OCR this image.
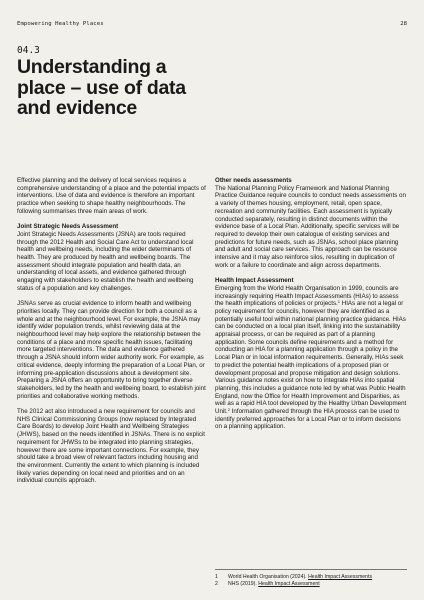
Empowering Healthy Places	28
04.3
Understanding a place – use of data and evidence

Effective planning and the delivery of local services requires a comprehensive understanding of a place and the potential impacts of interventions. Use of data and evidence is therefore an important practice when seeking to shape healthy neighbourhoods. The following summarises three main areas of work.

Joint Strategic Needs Assessment

Joint Strategic Needs Assessments (JSNA) are tools required through the 2012 Health and Social Care Act to understand local health and wellbeing needs, including the wider determinants of health. They are produced by health and wellbeing boards. The assessment should integrate population and health data, an understanding of local assets, and evidence gathered through engaging with stakeholders to establish the health and wellbeing status of a population and key challenges.

JSNAs serve as crucial evidence to inform health and wellbeing priorities locally. They can provide direction for both a council as a whole and at the neighbourhood level. For example, the JSNA may identify wider population trends, whilst reviewing data at the neighbourhood level may help explore the relationship between the conditions of a place and more specific health issues, facilitating more targeted interventions. The data and evidence gathered through a JSNA should inform wider authority work. For example, as critical evidence, deeply informing the preparation of a Local Plan, or informing pre-application discussions about a development site. Preparing a JSNA offers an opportunity to bring together diverse stakeholders, led by the health and wellbeing board, to establish joint priorities and collaborative working methods.

The 2012 act also introduced a new requirement for councils and NHS Clinical Commissioning Groups (now replaced by Integrated Care Boards) to develop Joint Health and Wellbeing Strategies (JHWS), based on the needs identified in JSNAs. There is no explicit requirement for JHWSs to be integrated into planning strategies, however there are some important connections. For example, they should take a broad view of relevant factors including housing and the environment. Currently the extent to which planning is included likely varies depending on local need and priorities and on an individual councils approach.

Other needs assessments

The National Planning Policy Framework and National Planning Practice Guidance require councils to conduct needs assessments on a variety of themes housing, employment, retail, open space, recreation and community facilities. Each assessment is typically conducted separately, resulting in distinct documents within the evidence base of a Local Plan. Additionally, specific services will be required to develop their own catalogue of existing services and predictions for future needs, such as JSNAs, school place planning and adult and social care services. This approach can be resource intensive and it may also reinforce silos, resulting in duplication of work or a failure to coordinate and align across departments.

Health Impact Assessment

Emerging from the World Health Organisation in 1999, councils are increasingly requiring Health Impact Assessments (HIAs) to assess the health implications of policies or projects.$^1$ HIAs are not a legal or policy requirement for councils, however they are identified as a potentially useful tool within national planning practice guidance. HIAs can be conducted on a local plan itself, linking into the sustainability appraisal process, or can be required as part of a planning application. Some councils define requirements and a method for conducting an HIA for a planning application through a policy in the Local Plan or in local information requirements. Generally, HIAs seek to predict the potential health implications of a proposed plan or development proposal and propose mitigation and design solutions. Various guidance notes exist on how to integrate HIAs into spatial planning, this includes a guidance note led by what was Public Health England, now the Office for Health Improvement and Disparities, as well as a rapid HIA tool developed by the Healthy Urban Development Unit.$^2$ Information gathered through the HIA process can be used to identify preferred approaches for a Local Plan or to inform decisions on a planning application.

1	World Health Organisation (2024). Health Impact Assessments
2	NHS (2019). Health Impact Assessment
